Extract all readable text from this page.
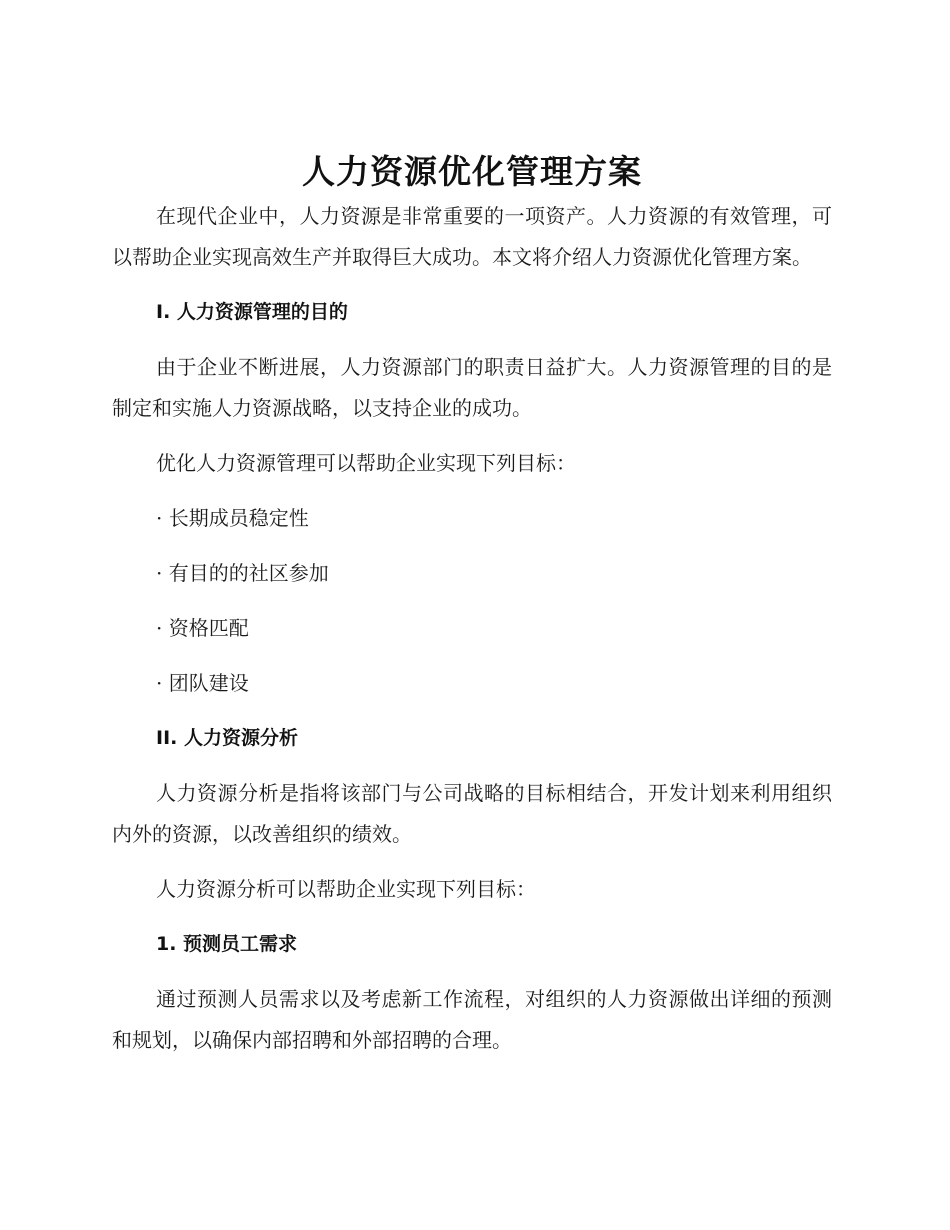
人力资源优化管理方案

在现代企业中，人力资源是非常重要的一项资产。人力资源的有效管理，可以帮助企业实现高效生产并取得巨大成功。本文将介绍人力资源优化管理方案。

I. 人力资源管理的目的

由于企业不断进展，人力资源部门的职责日益扩大。人力资源管理的目的是制定和实施人力资源战略，以支持企业的成功。

优化人力资源管理可以帮助企业实现下列目标：

· 长期成员稳定性
· 有目的的社区参加
· 资格匹配
· 团队建设
II. 人力资源分析

人力资源分析是指将该部门与公司战略的目标相结合，开发计划来利用组织内外的资源，以改善组织的绩效。

人力资源分析可以帮助企业实现下列目标：

1. 预测员工需求

通过预测人员需求以及考虑新工作流程，对组织的人力资源做出详细的预测和规划，以确保内部招聘和外部招聘的合理。
